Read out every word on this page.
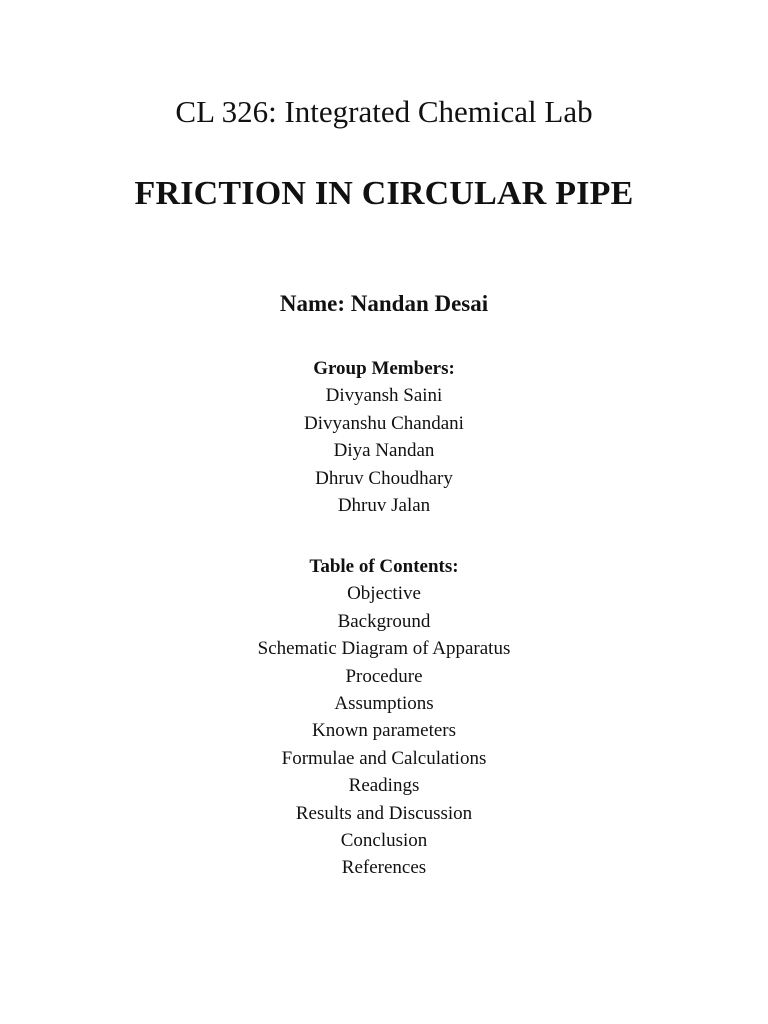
CL 326: Integrated Chemical Lab
FRICTION IN CIRCULAR PIPE
Name: Nandan Desai
Group Members:
Divyansh Saini
Divyanshu Chandani
Diya Nandan
Dhruv Choudhary
Dhruv Jalan
Table of Contents:
Objective
Background
Schematic Diagram of Apparatus
Procedure
Assumptions
Known parameters
Formulae and Calculations
Readings
Results and Discussion
Conclusion
References
